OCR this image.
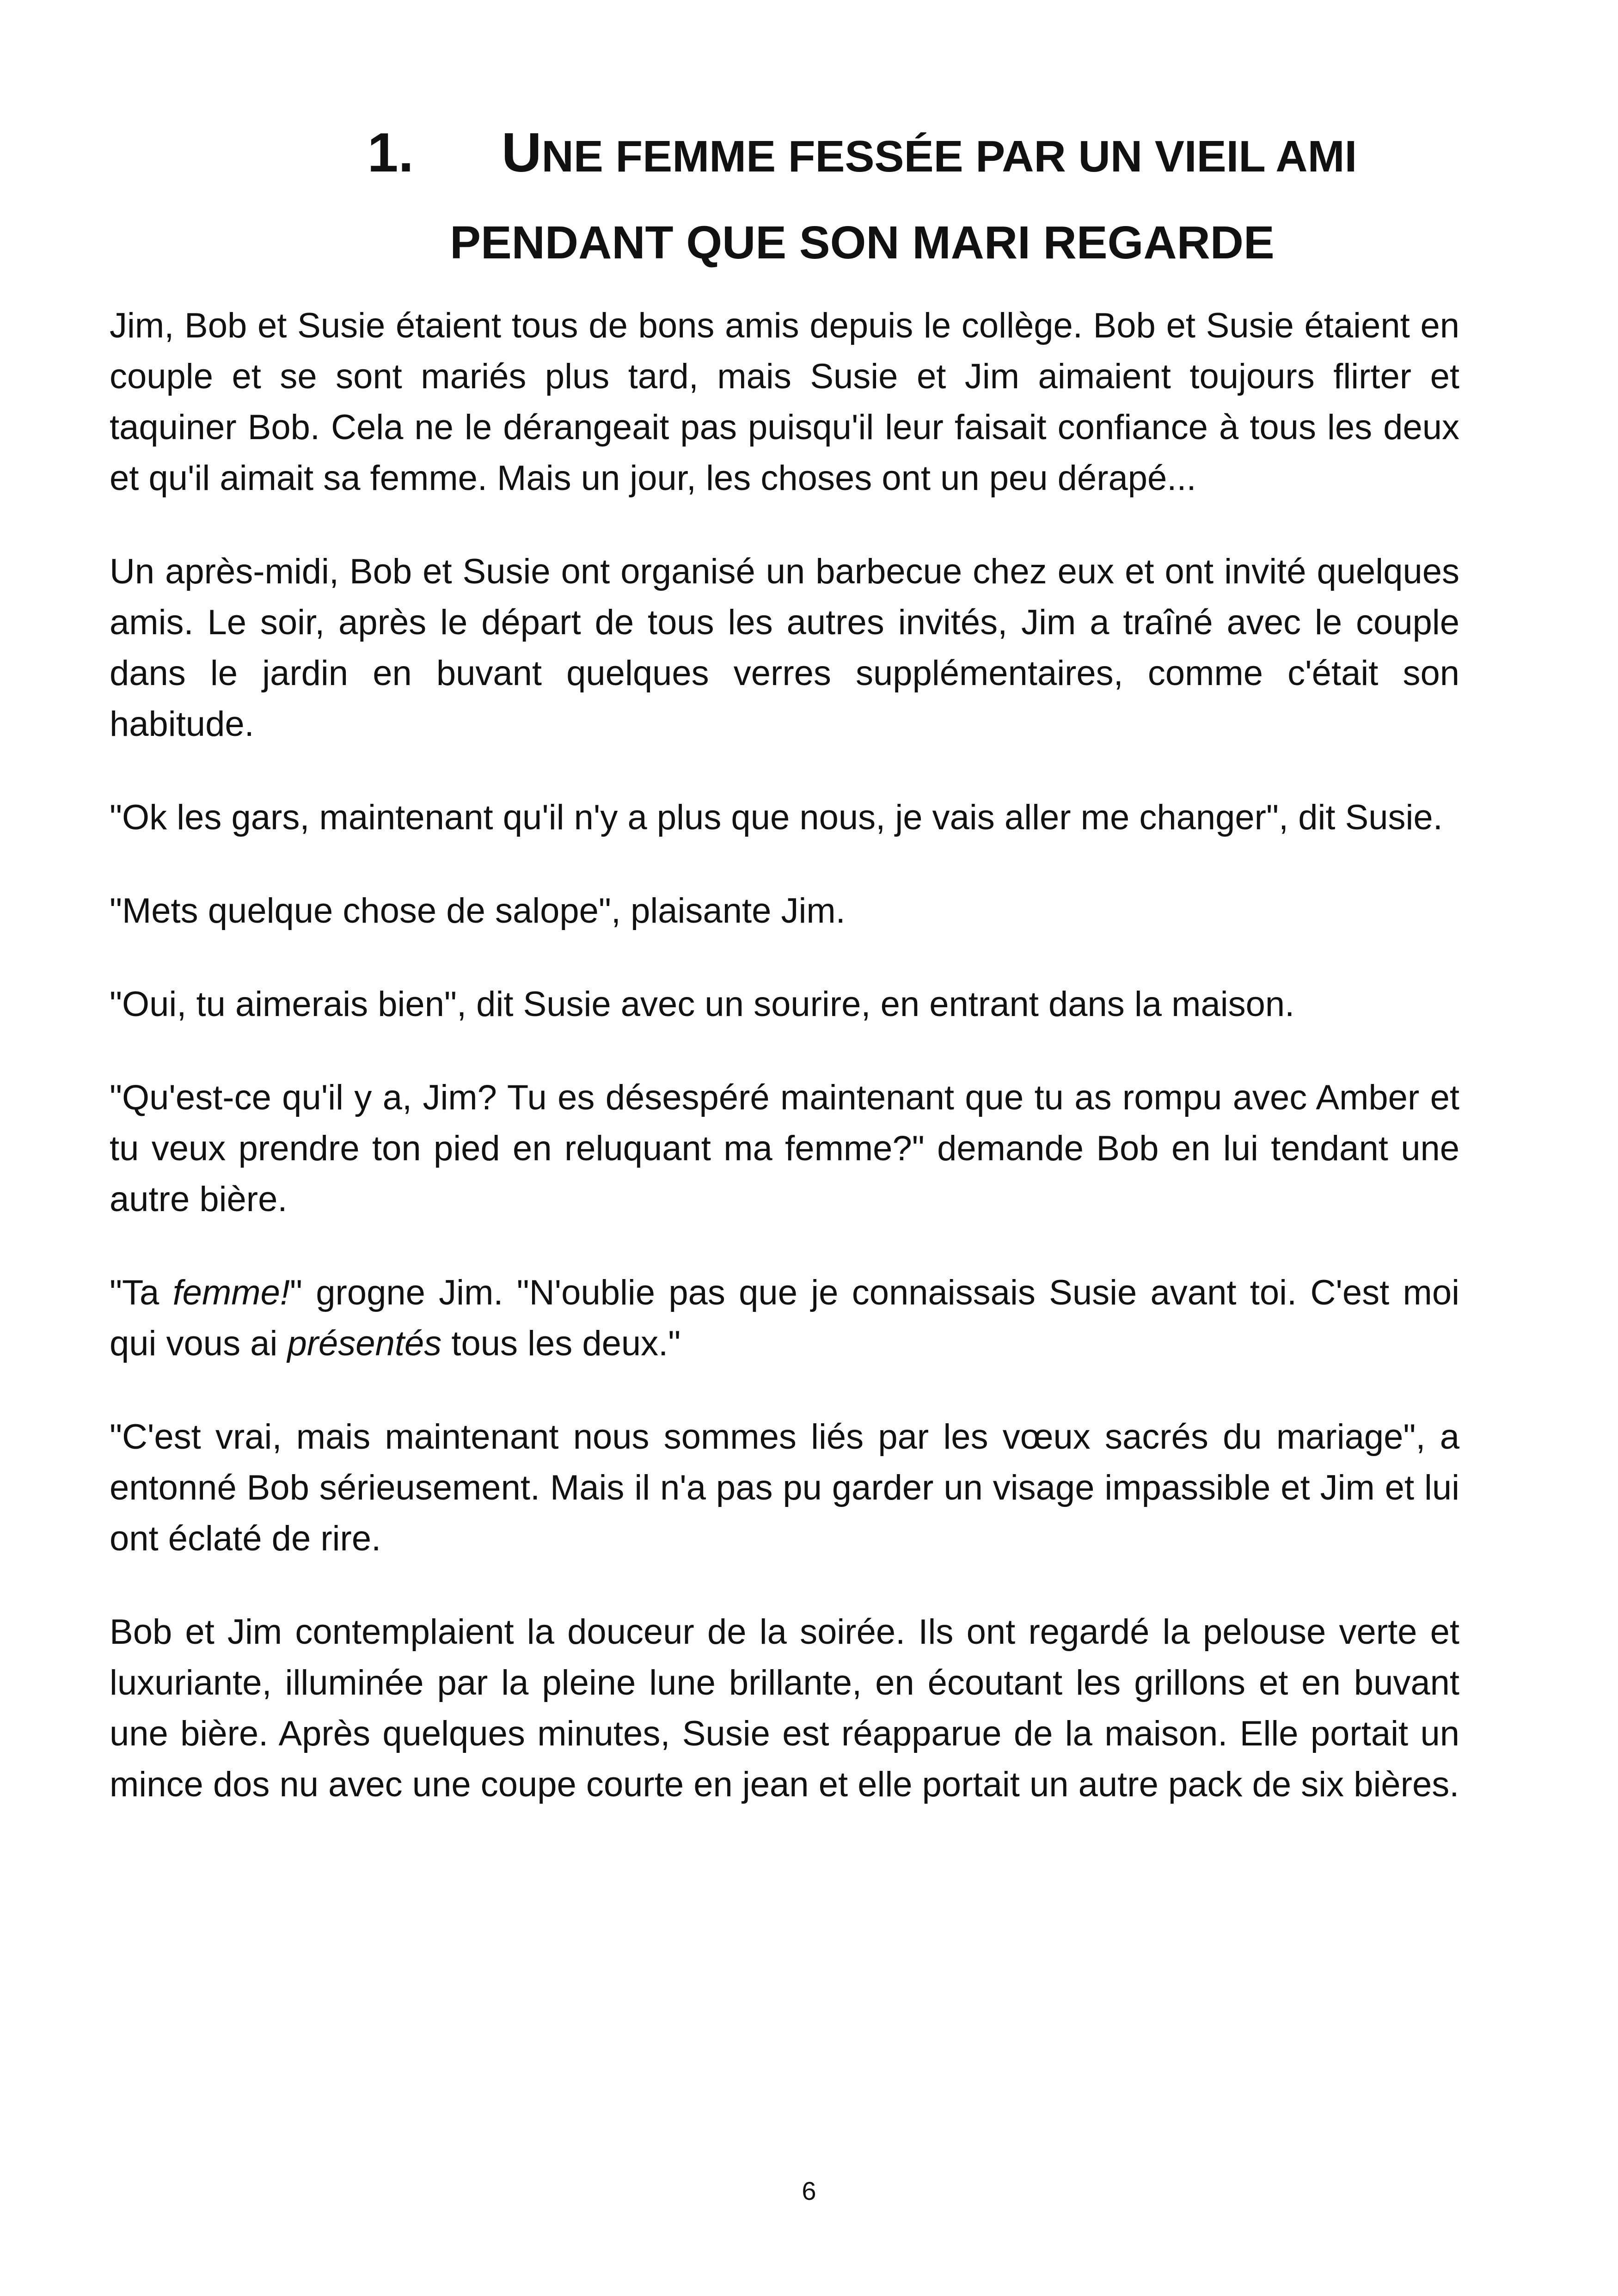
1. UNE FEMME FESSÉE PAR UN VIEIL AMI
PENDANT QUE SON MARI REGARDE

Jim, Bob et Susie étaient tous de bons amis depuis le collège. Bob et Susie étaient en couple et se sont mariés plus tard, mais Susie et Jim aimaient toujours flirter et taquiner Bob. Cela ne le dérangeait pas puisqu'il leur faisait confiance à tous les deux et qu'il aimait sa femme. Mais un jour, les choses ont un peu dérapé...

Un après-midi, Bob et Susie ont organisé un barbecue chez eux et ont invité quelques amis. Le soir, après le départ de tous les autres invités, Jim a traîné avec le couple dans le jardin en buvant quelques verres supplémentaires, comme c'était son habitude.

"Ok les gars, maintenant qu'il n'y a plus que nous, je vais aller me changer", dit Susie.

"Mets quelque chose de salope", plaisante Jim.

"Oui, tu aimerais bien", dit Susie avec un sourire, en entrant dans la maison.

"Qu'est-ce qu'il y a, Jim? Tu es désespéré maintenant que tu as rompu avec Amber et tu veux prendre ton pied en reluquant ma femme?" demande Bob en lui tendant une autre bière.

"Ta femme!" grogne Jim. "N'oublie pas que je connaissais Susie avant toi. C'est moi qui vous ai présentés tous les deux."

"C'est vrai, mais maintenant nous sommes liés par les vœux sacrés du mariage", a entonné Bob sérieusement. Mais il n'a pas pu garder un visage impassible et Jim et lui ont éclaté de rire.

Bob et Jim contemplaient la douceur de la soirée. Ils ont regardé la pelouse verte et luxuriante, illuminée par la pleine lune brillante, en écoutant les grillons et en buvant une bière. Après quelques minutes, Susie est réapparue de la maison. Elle portait un mince dos nu avec une coupe courte en jean et elle portait un autre pack de six bières.

6
